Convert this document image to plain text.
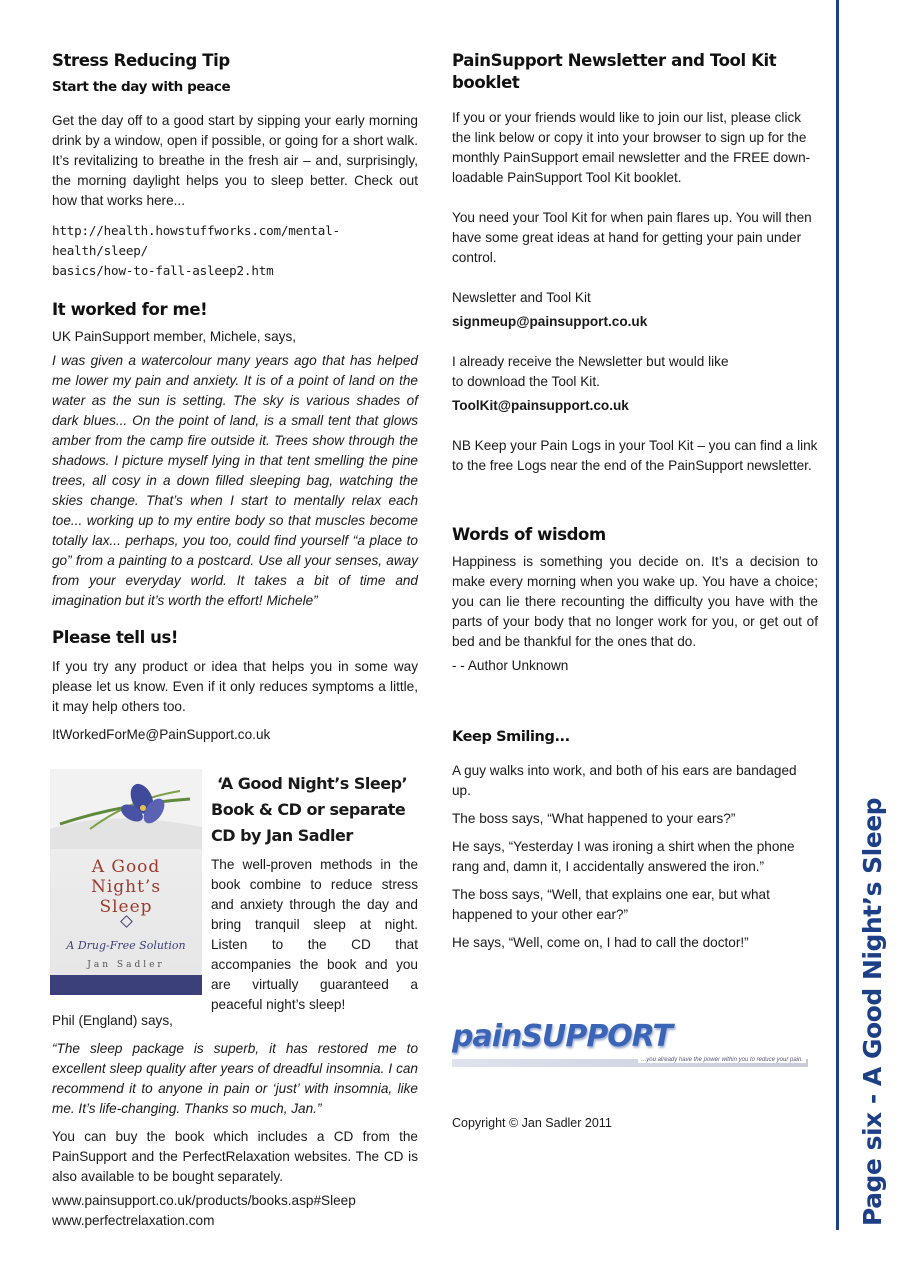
Page six - A Good Night’s Sleep
Stress Reducing Tip
Start the day with peace

Get the day off to a good start by sipping your early morning drink by a window, open if possible, or going for a short walk. It’s revitalizing to breathe in the fresh air – and, surprisingly, the morning daylight helps you to sleep better. Check out how that works here...

http://health.howstuffworks.com/mental-health/sleep/

basics/how-to-fall-asleep2.htm

It worked for me!

UK PainSupport member, Michele, says,

I was given a watercolour many years ago that has helped me lower my pain and anxiety. It is of a point of land on the water as the sun is setting. The sky is various shades of dark blues... On the point of land, is a small tent that glows amber from the camp fire outside it. Trees show through the shadows. I picture myself lying in that tent smelling the pine trees, all cosy in a down filled sleeping bag, watching the skies change. That’s when I start to mentally relax each toe... working up to my entire body so that muscles become totally lax... perhaps, you too, could find yourself “a place to go” from a painting to a postcard. Use all your senses, away from your everyday world. It takes a bit of time and imagination but it’s worth the effort! Michele”

Please tell us!

If you try any product or idea that helps you in some way please let us know. Even if it only reduces symptoms a little, it may help others too.

ItWorkedForMe@PainSupport.co.uk

A Good
Night’s
Sleep
A Drug-Free Solution
Jan Sadler
‘A Good Night’s Sleep’
Book & CD or separate
CD by Jan Sadler

The well-proven methods in the book combine to reduce stress and anxiety through the day and bring tranquil sleep at night. Listen to the CD that accompanies the book and you are virtually guaranteed a peaceful night’s sleep!

Phil (England) says,

“The sleep package is superb, it has restored me to excellent sleep quality after years of dreadful insomnia. I can recommend it to anyone in pain or ‘just’ with insomnia, like me. It’s life-changing. Thanks so much, Jan.”

You can buy the book which includes a CD from the PainSupport and the PerfectRelaxation websites. The CD is also available to be bought separately.

www.painsupport.co.uk/products/books.asp#Sleep

www.perfectrelaxation.com

PainSupport Newsletter and Tool Kit booklet

If you or your friends would like to join our list, please click the link below or copy it into your browser to sign up for the monthly PainSupport email newsletter and the FREE down-loadable PainSupport Tool Kit booklet.

You need your Tool Kit for when pain flares up. You will then have some great ideas at hand for getting your pain under control.

Newsletter and Tool Kit

signmeup@painsupport.co.uk

I already receive the Newsletter but would like

to download the Tool Kit.

ToolKit@painsupport.co.uk

NB Keep your Pain Logs in your Tool Kit – you can find a link to the free Logs near the end of the PainSupport newsletter.

Words of wisdom

Happiness is something you decide on. It’s a decision to make every morning when you wake up. You have a choice; you can lie there recounting the difficulty you have with the parts of your body that no longer work for you, or get out of bed and be thankful for the ones that do.

- - Author Unknown

Keep Smiling...

A guy walks into work, and both of his ears are bandaged up.

The boss says, “What happened to your ears?”

He says, “Yesterday I was ironing a shirt when the phone rang and, damn it, I accidentally answered the iron.”

The boss says, “Well, that explains one ear, but what happened to your other ear?”

He says, “Well, come on, I had to call the doctor!”

painSUPPORT
...you already have the power within you to reduce your pain.

Copyright © Jan Sadler 2011
